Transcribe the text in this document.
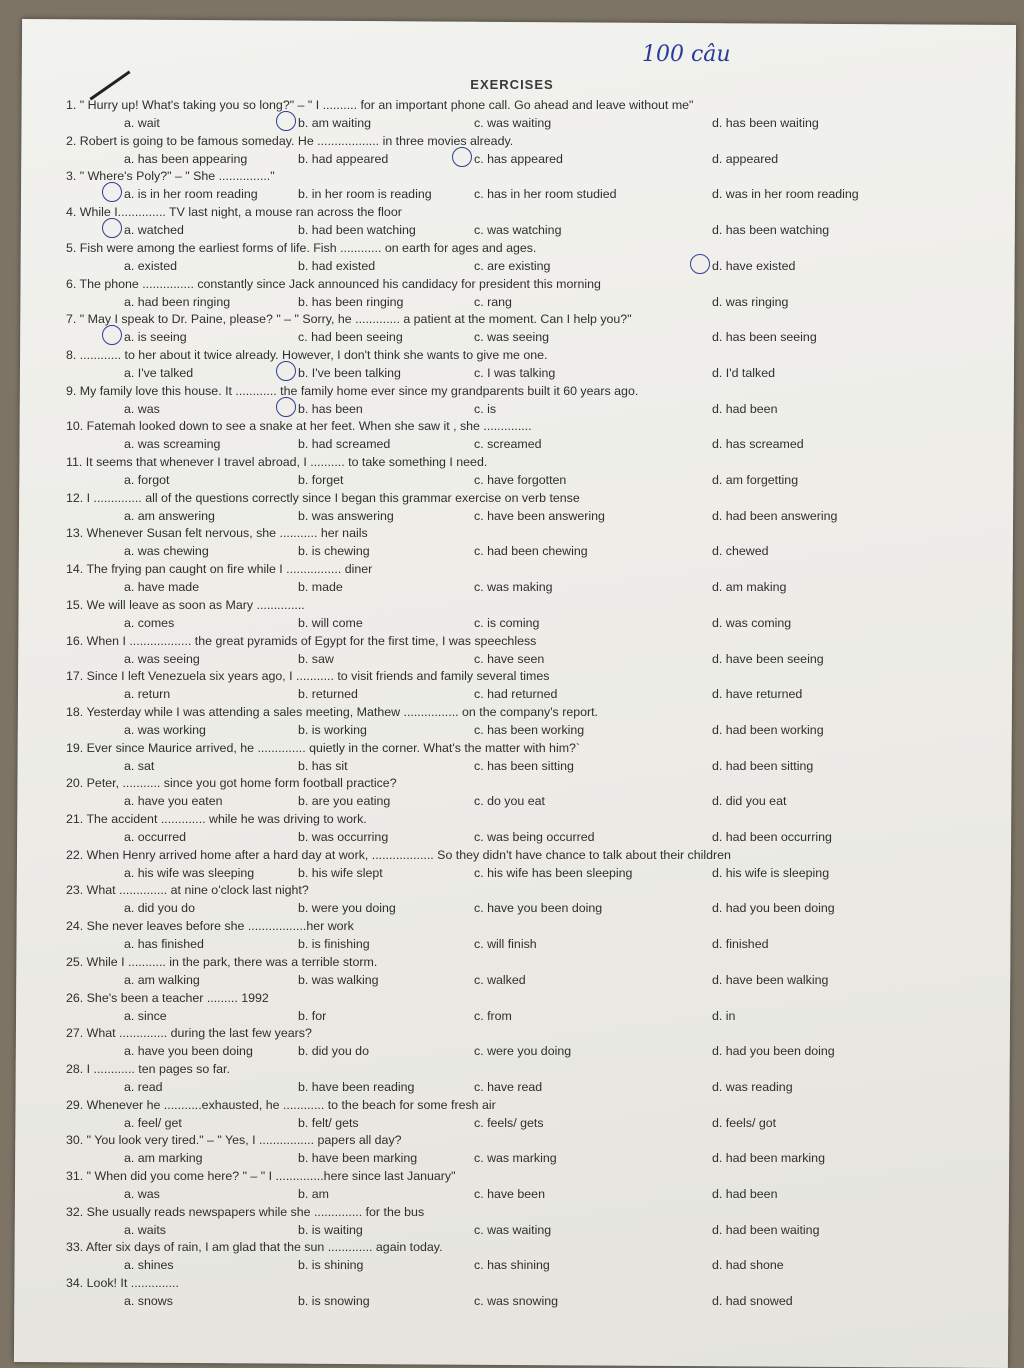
100 câu
EXERCISES
1. " Hurry up! What's taking you so long?" – " I .......... for an important phone call. Go ahead and leave without me"
a. wait	b. am waiting	c. was waiting	d. has been waiting
2. Robert is going to be famous someday. He .................. in three movies already.
a. has been appearing	b. had appeared	c. has appeared	d. appeared
3. " Where's Poly?" – " She ..............."
a. is in her room reading	b. in her room is reading	c. has in her room studied	d. was in her room reading
4. While I.............. TV last night, a mouse ran across the floor
a. watched	b. had been watching	c. was watching	d. has been watching
5. Fish were among the earliest forms of life. Fish ............ on earth for ages and ages.
a. existed	b. had existed	c. are existing	d. have existed
6. The phone ............... constantly since Jack announced his candidacy for president this morning
a. had been ringing	b. has been ringing	c. rang	d. was ringing
7. " May I speak to Dr. Paine, please? " – " Sorry, he ............. a patient at the moment. Can I help you?"
a. is seeing	c. had been seeing	c. was seeing	d. has been seeing
8. ............ to her about it twice already. However, I don't think she wants to give me one.
a. I've talked	b. I've been talking	c. I was talking	d. I'd talked
9. My family love this house. It ............ the family home ever since my grandparents built it 60 years ago.
a. was	b. has been	c. is	d. had been
10. Fatemah looked down to see a snake at her feet. When she saw it , she ..............
a. was screaming	b. had screamed	c. screamed	d. has screamed
11. It seems that whenever I travel abroad, I .......... to take something I need.
a. forgot	b. forget	c. have forgotten	d. am forgetting
12. I .............. all of the questions correctly since I began this grammar exercise on verb tense
a. am answering	b. was answering	c. have been answering	d. had been answering
13. Whenever Susan felt nervous, she ........... her nails
a. was chewing	b. is chewing	c. had been chewing	d. chewed
14. The frying pan caught on fire while I ................ diner
a. have made	b. made	c. was making	d. am making
15. We will leave as soon as Mary ..............
a. comes	b. will come	c. is coming	d. was coming
16. When I .................. the great pyramids of Egypt for the first time, I was speechless
a. was seeing	b. saw	c. have seen	d. have been seeing
17. Since I left Venezuela six years ago, I ........... to visit friends and family several times
a. return	b. returned	c. had returned	d. have returned
18. Yesterday while I was attending a sales meeting, Mathew ................ on the company's report.
a. was working	b. is working	c. has been working	d. had been working
19. Ever since Maurice arrived, he .............. quietly in the corner. What's the matter with him?`
a. sat	b. has sit	c. has been sitting	d. had been sitting
20. Peter, ........... since you got home form football practice?
a. have you eaten	b. are you eating	c. do you eat	d. did you eat
21. The accident ............. while he was driving to work.
a. occurred	b. was occurring	c. was being occurred	d. had been occurring
22. When Henry arrived home after a hard day at work, .................. So they didn't have chance to talk about their children
a. his wife was sleeping	b. his wife slept	c. his wife has been sleeping	d. his wife is sleeping
23. What .............. at nine o'clock last night?
a. did you do	b. were you doing	c. have you been doing	d. had you been doing
24. She never leaves before she .................her work
a. has finished	b. is finishing	c. will finish	d. finished
25. While I ........... in the park, there was a terrible storm.
a. am walking	b. was walking	c. walked	d. have been walking
26. She's been a teacher ......... 1992
a. since	b. for	c. from	d. in
27. What .............. during the last few years?
a. have you been doing	b. did you do	c. were you doing	d. had you been doing
28. I ............ ten pages so far.
a. read	b. have been reading	c. have read	d. was reading
29. Whenever he ...........exhausted, he ............ to the beach for some fresh air
a. feel/ get	b. felt/ gets	c. feels/ gets	d. feels/ got
30. " You look very tired." – " Yes, I ................ papers all day?
a. am marking	b. have been marking	c. was marking	d. had been marking
31. " When did you come here? " – " I ..............here since last January"
a. was	b. am	c. have been	d. had been
32. She usually reads newspapers while she .............. for the bus
a. waits	b. is waiting	c. was waiting	d. had been waiting
33. After six days of rain, I am glad that the sun ............. again today.
a. shines	b. is shining	c. has shining	d. had shone
34. Look! It ..............
a. snows	b. is snowing	c. was snowing	d. had snowed
